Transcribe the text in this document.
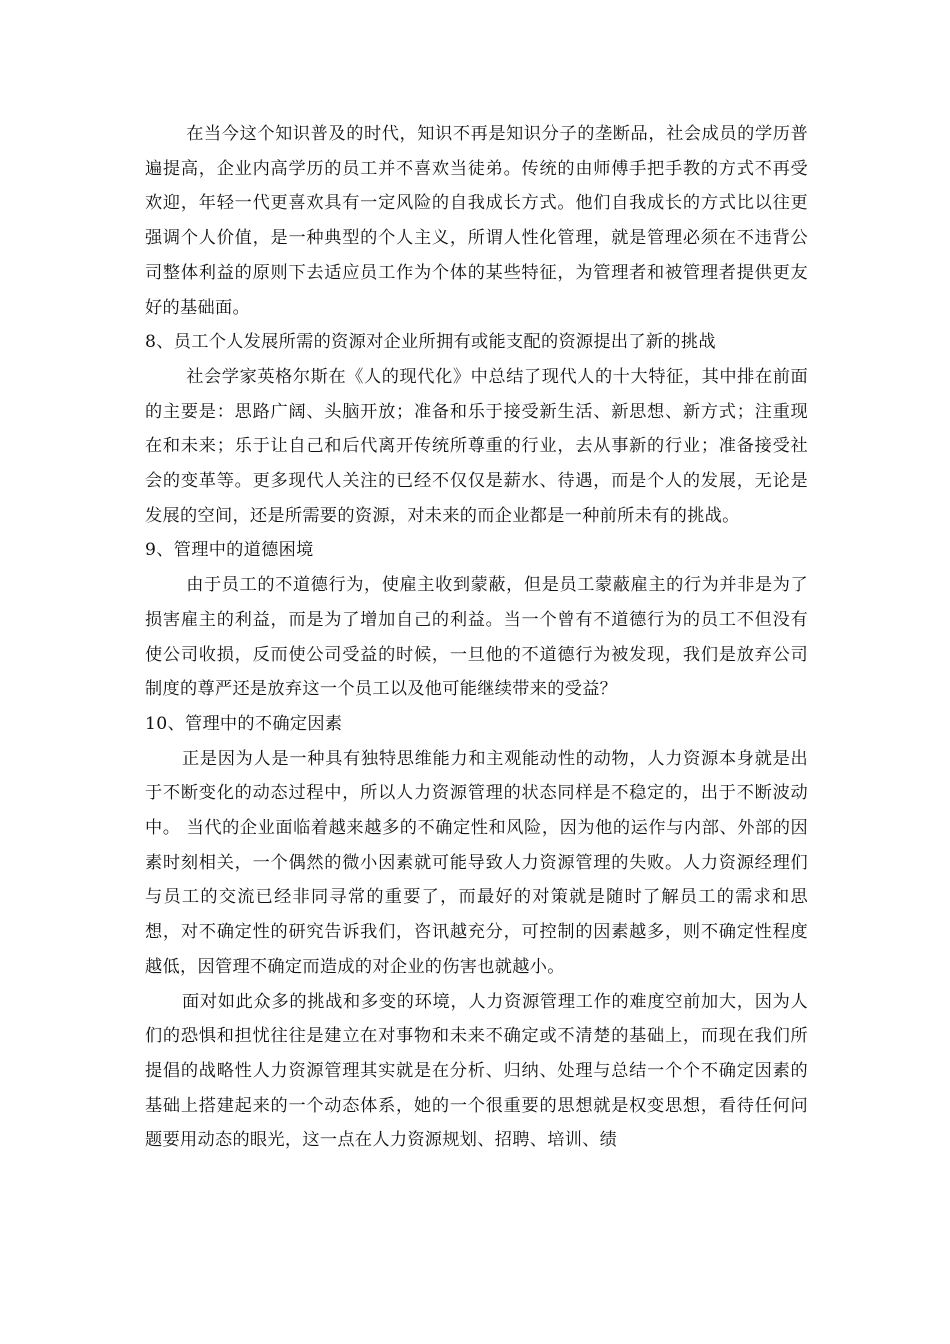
在当今这个知识普及的时代，知识不再是知识分子的垄断品，社会成员的学历普遍提高，企业内高学历的员工并不喜欢当徒弟。传统的由师傅手把手教的方式不再受欢迎，年轻一代更喜欢具有一定风险的自我成长方式。他们自我成长的方式比以往更强调个人价值，是一种典型的个人主义，所谓人性化管理，就是管理必须在不违背公司整体利益的原则下去适应员工作为个体的某些特征，为管理者和被管理者提供更友好的基础面。

8、员工个人发展所需的资源对企业所拥有或能支配的资源提出了新的挑战

社会学家英格尔斯在《人的现代化》中总结了现代人的十大特征，其中排在前面的主要是：思路广阔、头脑开放；准备和乐于接受新生活、新思想、新方式；注重现在和未来；乐于让自己和后代离开传统所尊重的行业，去从事新的行业；准备接受社会的变革等。更多现代人关注的已经不仅仅是薪水、待遇，而是个人的发展，无论是发展的空间，还是所需要的资源，对未来的而企业都是一种前所未有的挑战。

9、管理中的道德困境

由于员工的不道德行为，使雇主收到蒙蔽，但是员工蒙蔽雇主的行为并非是为了损害雇主的利益，而是为了增加自己的利益。当一个曾有不道德行为的员工不但没有使公司收损，反而使公司受益的时候，一旦他的不道德行为被发现，我们是放弃公司制度的尊严还是放弃这一个员工以及他可能继续带来的受益？

10、管理中的不确定因素

正是因为人是一种具有独特思维能力和主观能动性的动物，人力资源本身就是出于不断变化的动态过程中，所以人力资源管理的状态同样是不稳定的，出于不断波动中。 当代的企业面临着越来越多的不确定性和风险，因为他的运作与内部、外部的因素时刻相关，一个偶然的微小因素就可能导致人力资源管理的失败。人力资源经理们与员工的交流已经非同寻常的重要了，而最好的对策就是随时了解员工的需求和思想，对不确定性的研究告诉我们，咨讯越充分，可控制的因素越多，则不确定性程度越低，因管理不确定而造成的对企业的伤害也就越小。

面对如此众多的挑战和多变的环境，人力资源管理工作的难度空前加大，因为人们的恐惧和担忧往往是建立在对事物和未来不确定或不清楚的基础上，而现在我们所提倡的战略性人力资源管理其实就是在分析、归纳、处理与总结一个个不确定因素的基础上搭建起来的一个动态体系，她的一个很重要的思想就是权变思想，看待任何问题要用动态的眼光，这一点在人力资源规划、招聘、培训、绩
